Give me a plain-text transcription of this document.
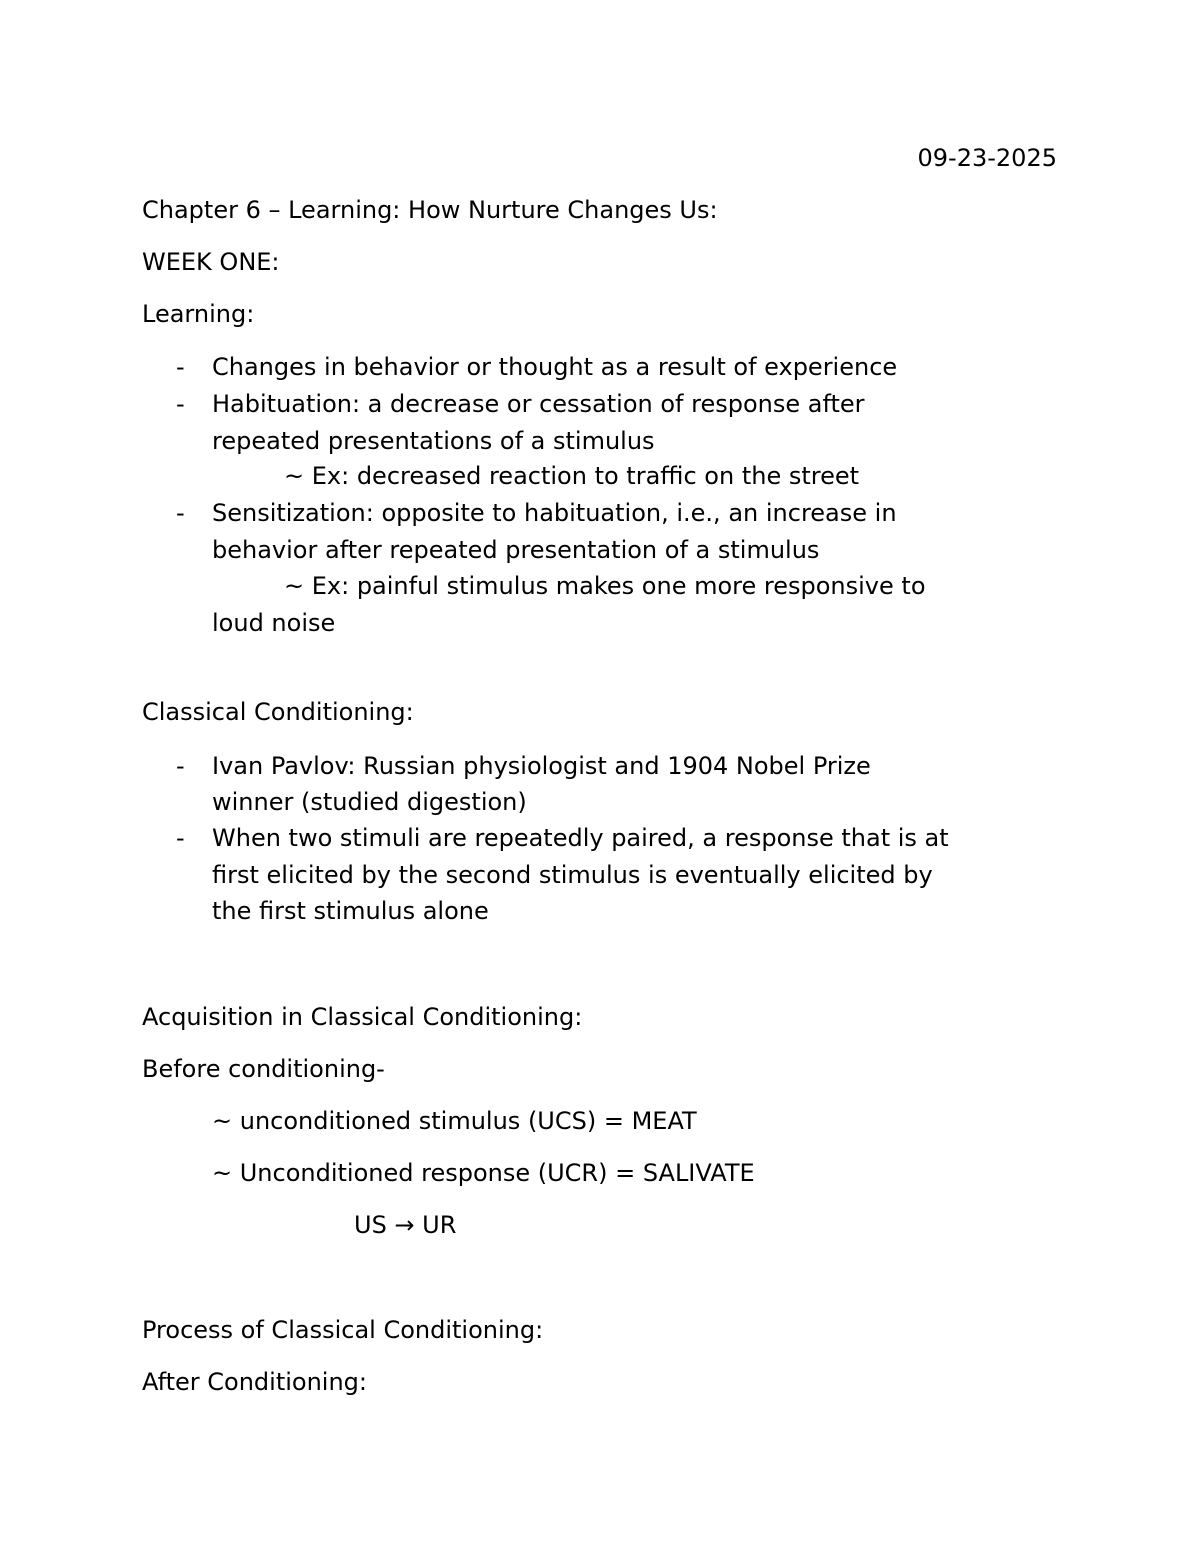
09-23-2025
Chapter 6 – Learning: How Nurture Changes Us:
WEEK ONE:
Learning:
- Changes in behavior or thought as a result of experience
- Habituation: a decrease or cessation of response after
repeated presentations of a stimulus
~ Ex: decreased reaction to traffic on the street
- Sensitization: opposite to habituation, i.e., an increase in
behavior after repeated presentation of a stimulus
~ Ex: painful stimulus makes one more responsive to
loud noise
Classical Conditioning:
- Ivan Pavlov: Russian physiologist and 1904 Nobel Prize
winner (studied digestion)
- When two stimuli are repeatedly paired, a response that is at
first elicited by the second stimulus is eventually elicited by
the first stimulus alone
Acquisition in Classical Conditioning:
Before conditioning-
~ unconditioned stimulus (UCS) = MEAT
~ Unconditioned response (UCR) = SALIVATE
US → UR
Process of Classical Conditioning:
After Conditioning:
